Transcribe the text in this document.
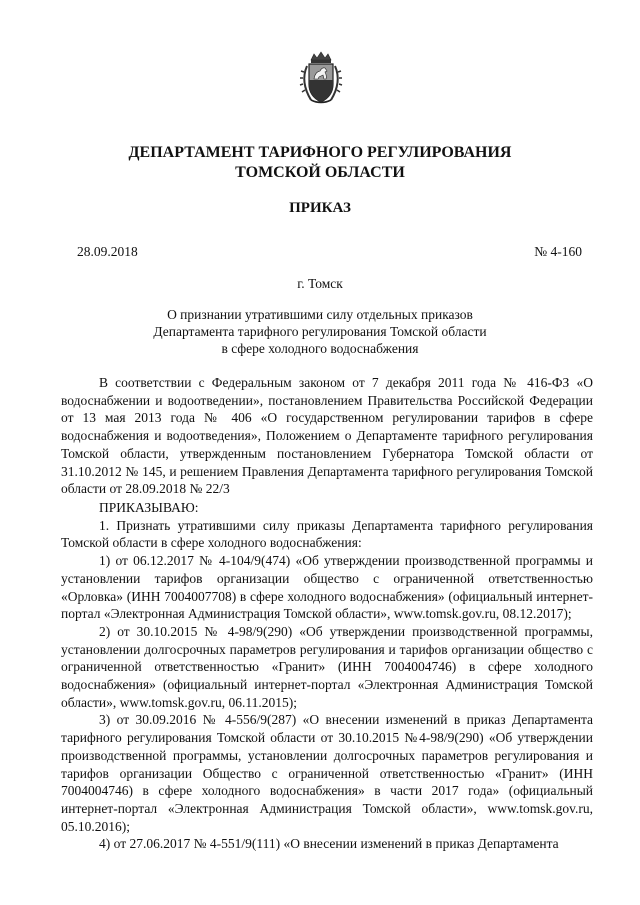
ДЕПАРТАМЕНТ ТАРИФНОГО РЕГУЛИРОВАНИЯ
ТОМСКОЙ ОБЛАСТИ
ПРИКАЗ
28.09.2018	№ 4-160
г. Томск
О признании утратившими силу отдельных приказов
Департамента тарифного регулирования Томской области
в сфере холодного водоснабжения

В соответствии с Федеральным законом от 7 декабря 2011 года № 416-ФЗ «О водоснабжении и водоотведении», постановлением Правительства Российской Федерации от 13 мая 2013 года № 406 «О государственном регулировании тарифов в сфере водоснабжения и водоотведения», Положением о Департаменте тарифного регулирования Томской области, утвержденным постановлением Губернатора Томской области от 31.10.2012 № 145, и решением Правления Департамента тарифного регулирования Томской области от 28.09.2018 № 22/3

ПРИКАЗЫВАЮ:

1. Признать утратившими силу приказы Департамента тарифного регулирования Томской области в сфере холодного водоснабжения:

1) от 06.12.2017 № 4-104/9(474) «Об утверждении производственной программы и установлении тарифов организации общество с ограниченной ответственностью «Орловка» (ИНН 7004007708) в сфере холодного водоснабжения» (официальный интернет-портал «Электронная Администрация Томской области», www.tomsk.gov.ru, 08.12.2017);

2) от 30.10.2015 № 4-98/9(290) «Об утверждении производственной программы, установлении долгосрочных параметров регулирования и тарифов организации общество с ограниченной ответственностью «Гранит» (ИНН 7004004746) в сфере холодного водоснабжения» (официальный интернет-портал «Электронная Администрация Томской области», www.tomsk.gov.ru, 06.11.2015);

3) от 30.09.2016 № 4-556/9(287) «О внесении изменений в приказ Департамента тарифного регулирования Томской области от 30.10.2015 №4-98/9(290) «Об утверждении производственной программы, установлении долгосрочных параметров регулирования и тарифов организации Общество с ограниченной ответственностью «Гранит» (ИНН 7004004746) в сфере холодного водоснабжения» в части 2017 года» (официальный интернет-портал «Электронная Администрация Томской области», www.tomsk.gov.ru, 05.10.2016);

4) от 27.06.2017 № 4-551/9(111) «О внесении изменений в приказ Департамента
